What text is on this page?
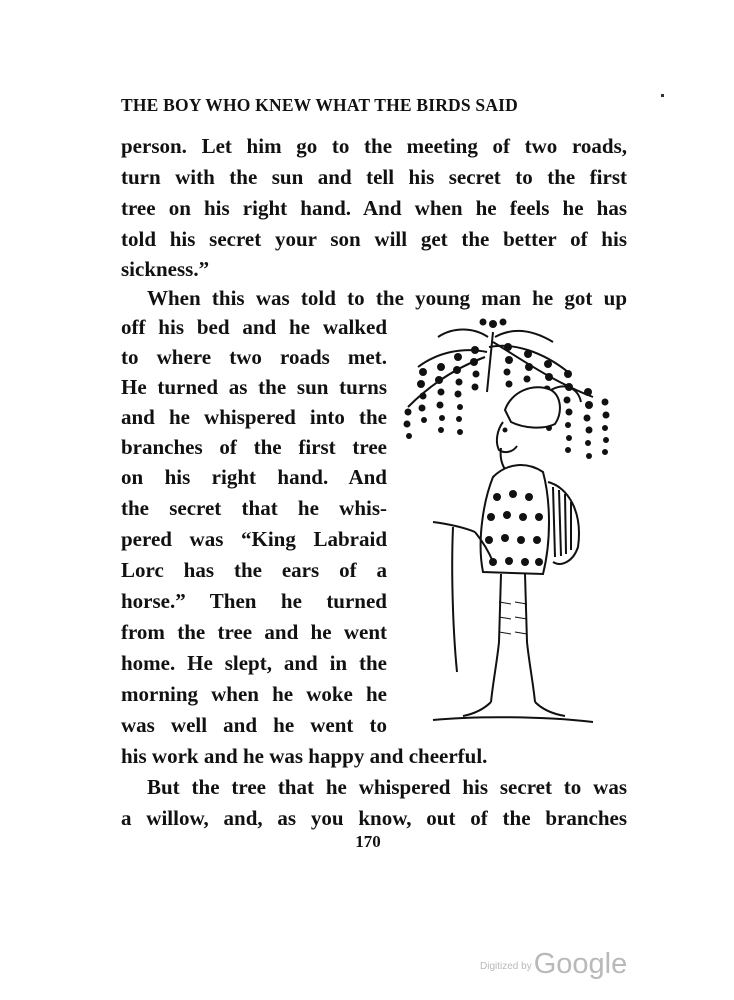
THE BOY WHO KNEW WHAT THE BIRDS SAID
person. Let him go to the meeting of two roads,
turn with the sun and tell his secret to the first
tree on his right hand. And when he feels he has
told his secret your son will get the better of his
sickness.”
When this was told to the young man he got up
off his bed and he walked
to where two roads met.
He turned as the sun turns
and he whispered into the
branches of the first tree
on his right hand. And
the secret that he whis-
pered was “King Labraid
Lorc has the ears of a
horse.” Then he turned
from the tree and he went
home. He slept, and in the
morning when he woke he
was well and he went to
his work and he was happy and cheerful.
But the tree that he whispered his secret to was
a willow, and, as you know, out of the branches
170
$^{Digitized by}$Google
